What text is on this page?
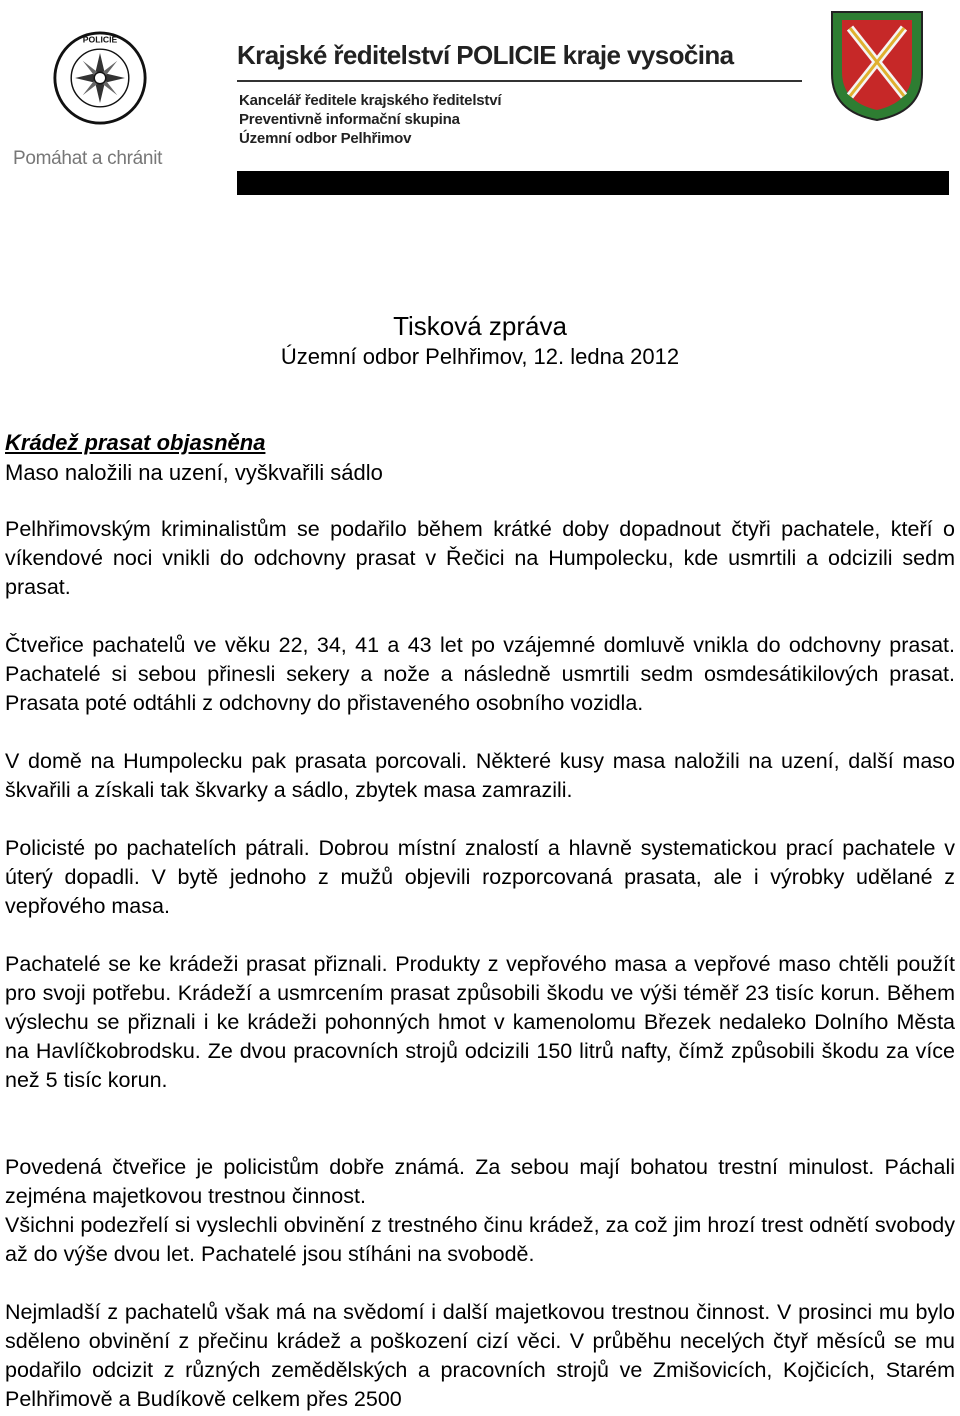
POLICIE
Pomáhat a chránit
Krajské ředitelství POLICIE kraje vysočina
Kancelář ředitele krajského ředitelství
Preventivně informační skupina
Územní odbor Pelhřimov
Tisková zpráva
Územní odbor Pelhřimov, 12. ledna 2012
Krádež prasat objasněna
Maso naložili na uzení, vyškvařili sádlo

Pelhřimovským kriminalistům se podařilo během krátké doby dopadnout čtyři pachatele, kteří o víkendové noci vnikli do odchovny prasat v Řečici na Humpolecku, kde usmrtili a odcizili sedm prasat.

Čtveřice pachatelů ve věku 22, 34, 41 a 43 let po vzájemné domluvě vnikla do odchovny prasat. Pachatelé si sebou přinesli sekery a nože a následně usmrtili sedm osmdesátikilových prasat. Prasata poté odtáhli z odchovny do přistaveného osobního vozidla.

V domě na Humpolecku pak prasata porcovali. Některé kusy masa naložili na uzení, další maso škvařili a získali tak škvarky a sádlo, zbytek masa zamrazili.

Policisté po pachatelích pátrali. Dobrou místní znalostí a hlavně systematickou prací pachatele v úterý dopadli. V bytě jednoho z mužů objevili rozporcovaná prasata, ale i výrobky udělané z vepřového masa.

Pachatelé se ke krádeži prasat přiznali. Produkty z vepřového masa a vepřové maso chtěli použít pro svoji potřebu. Krádeží a usmrcením prasat způsobili škodu ve výši téměř 23 tisíc korun. Během výslechu se přiznali i ke krádeži pohonných hmot v kamenolomu Březek nedaleko Dolního Města na Havlíčkobrodsku. Ze dvou pracovních strojů odcizili 150 litrů nafty, čímž způsobili škodu za více než 5 tisíc korun.

Povedená čtveřice je policistům dobře známá. Za sebou mají bohatou trestní minulost. Páchali zejména majetkovou trestnou činnost.

Všichni podezřelí si vyslechli obvinění z trestného činu krádež, za což jim hrozí trest odnětí svobody až do výše dvou let. Pachatelé jsou stíháni na svobodě.

Nejmladší z pachatelů však má na svědomí i další majetkovou trestnou činnost. V prosinci mu bylo sděleno obvinění z přečinu krádež a poškození cizí věci. V průběhu necelých čtyř měsíců se mu podařilo odcizit z různých zemědělských a pracovních strojů ve Zmišovicích, Kojčicích, Starém Pelhřimově a Budíkově celkem přes 2500
